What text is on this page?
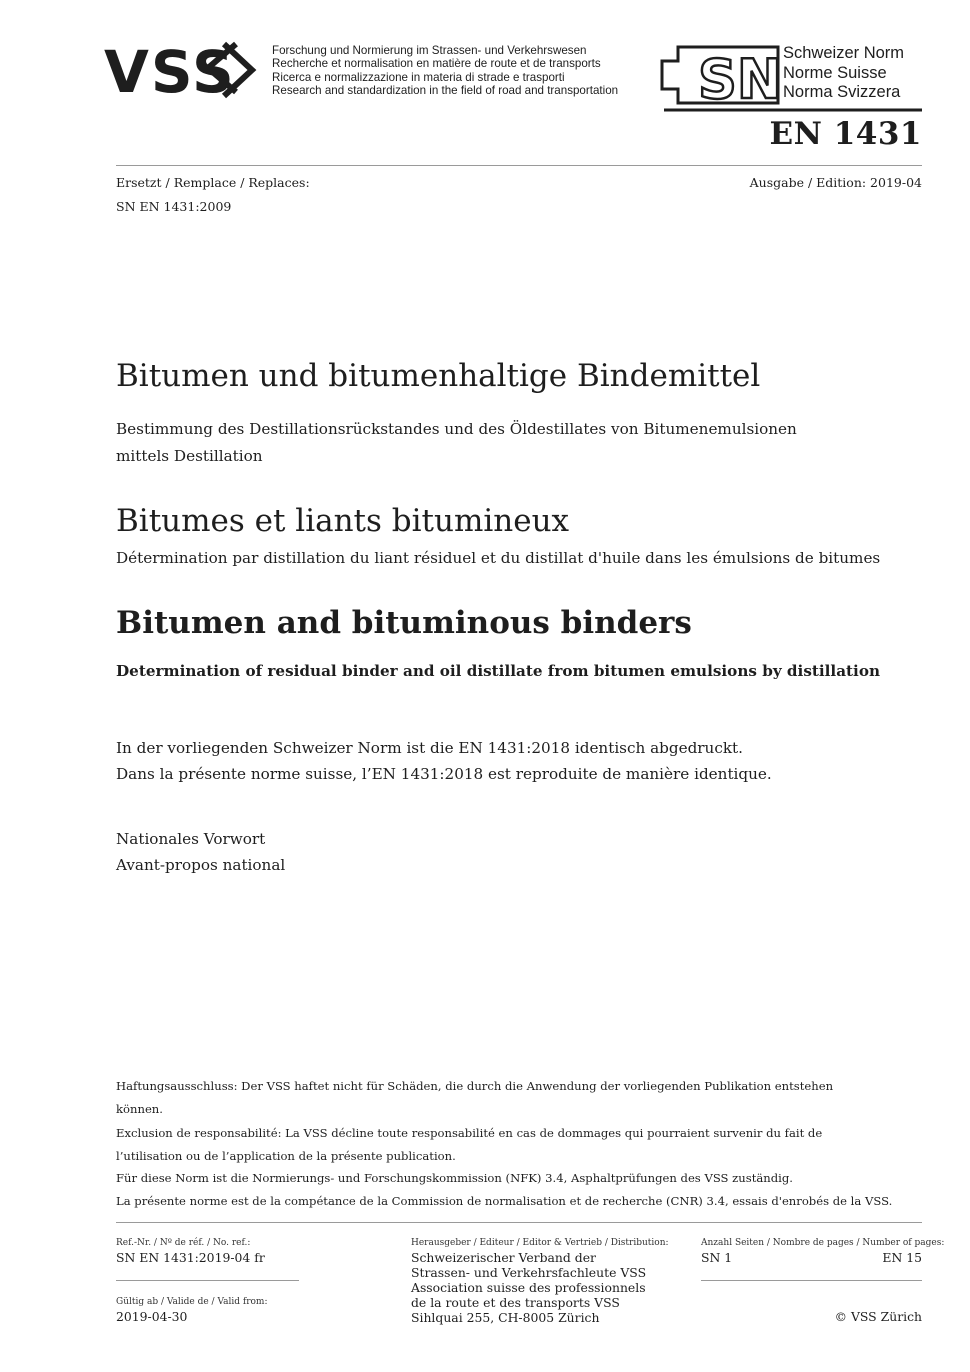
VSS	Forschung und Normierung im Strassen- und Verkehrswesen
Recherche et normalisation en matière de route et de transports
Ricerca e normalizzazione in materia di strade e trasporti
Research and standardization in the field of road and transportation SN Schweizer Norm
Norme Suisse
Norma Svizzera
EN 1431
Ersetzt / Remplace / Replaces:
SN EN 1431:2009
Ausgabe / Edition: 2019-04
Bitumen und bitumenhaltige Bindemittel
Bestimmung des Destillationsrückstandes und des Öldestillates von Bitumenemulsionen mittels Destillation
Bitumes et liants bitumineux
Détermination par distillation du liant résiduel et du distillat d'huile dans les émulsions de bitumes
Bitumen and bituminous binders
Determination of residual binder and oil distillate from bitumen emulsions by distillation
In der vorliegenden Schweizer Norm ist die EN 1431:2018 identisch abgedruckt.
Dans la présente norme suisse, l’EN 1431:2018 est reproduite de manière identique.
Nationales Vorwort
Avant-propos national
Haftungsausschluss: Der VSS haftet nicht für Schäden, die durch die Anwendung der vorliegenden Publikation entstehen können.
Exclusion de responsabilité: La VSS décline toute responsabilité en cas de dommages qui pourraient survenir du fait de l’utilisation ou de l’application de la présente publication.
Für diese Norm ist die Normierungs- und Forschungskommission (NFK) 3.4, Asphaltprüfungen des VSS zuständig.
La présente norme est de la compétance de la Commission de normalisation et de recherche (CNR) 3.4, essais d'enrobés de la VSS.
Ref.-Nr. / Nº de réf. / No. ref.:
SN EN 1431:2019-04 fr
Gültig ab / Valide de / Valid from:
2019-04-30
Herausgeber / Editeur / Editor & Vertrieb / Distribution:
Schweizerischer Verband der
Strassen- und Verkehrsfachleute VSS
Association suisse des professionnels
de la route et des transports VSS
Sihlquai 255, CH-8005 Zürich
Anzahl Seiten / Nombre de pages / Number of pages:
SN 1	EN 15
© VSS Zürich
